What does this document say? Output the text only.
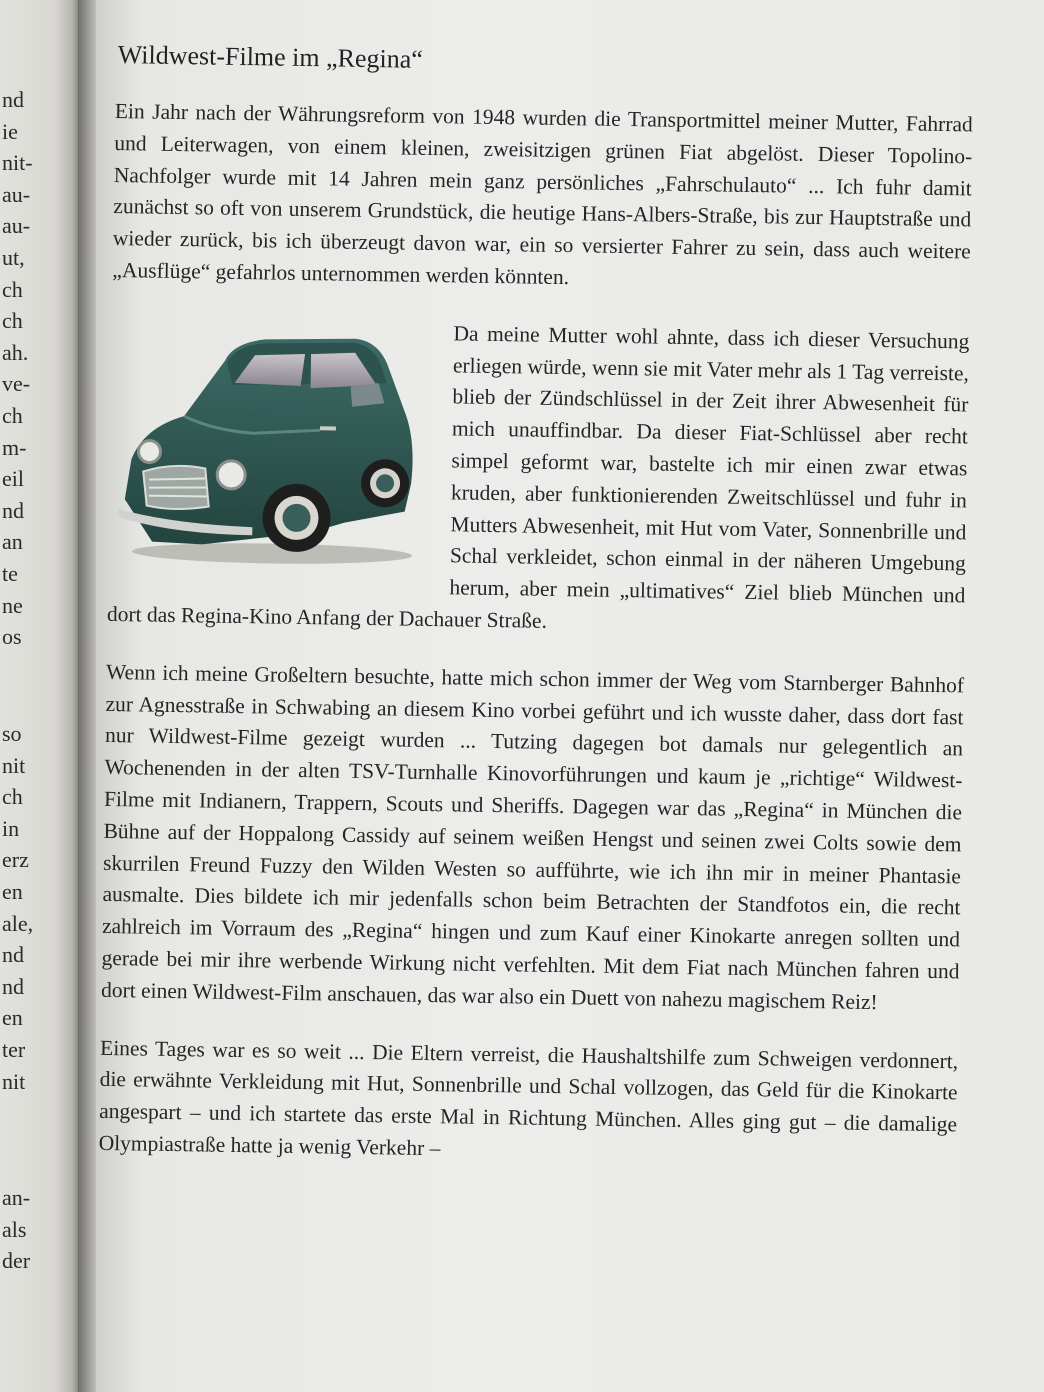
nd
ie
nit-
au-
au-
ut,
ch
ch
ah.
ve-
ch
m-
eil
nd
an
te
ne
os
so
nit
ch
in
erz
en
ale,
nd
nd
en
ter
nit
an-
als
der
Wildwest-Filme im „Regina“

Ein Jahr nach der Währungsreform von 1948 wurden die Transportmittel meiner Mutter, Fahrrad und Leiterwagen, von einem kleinen, zweisitzigen grünen Fiat abgelöst. Dieser Topolino-Nachfolger wurde mit 14 Jahren mein ganz persönliches „Fahrschulauto“ ... Ich fuhr damit zunächst so oft von unserem Grundstück, die heutige Hans-Albers-Straße, bis zur Hauptstraße und wieder zurück, bis ich überzeugt davon war, ein so versierter Fahrer zu sein, dass auch weitere „Ausflüge“ gefahrlos unternommen werden könnten.

Da meine Mutter wohl ahnte, dass ich dieser Versuchung erliegen würde, wenn sie mit Vater mehr als 1 Tag verreiste, blieb der Zündschlüssel in der Zeit ihrer Abwesenheit für mich unauffindbar. Da dieser Fiat-Schlüssel aber recht simpel geformt war, bastelte ich mir einen zwar etwas kruden, aber funktionierenden Zweitschlüssel und fuhr in Mutters Abwesenheit, mit Hut vom Vater, Sonnenbrille und Schal verkleidet, schon einmal in der näheren Umgebung herum, aber mein „ultimatives“ Ziel blieb München und dort das Regina-Kino Anfang der Dachauer Straße.

Wenn ich meine Großeltern besuchte, hatte mich schon immer der Weg vom Starnberger Bahnhof zur Agnesstraße in Schwabing an diesem Kino vorbei geführt und ich wusste daher, dass dort fast nur Wildwest-Filme gezeigt wurden ... Tutzing dagegen bot damals nur gelegentlich an Wochenenden in der alten TSV-Turnhalle Kinovorführungen und kaum je „richtige“ Wildwest-Filme mit Indianern, Trappern, Scouts und Sheriffs. Dagegen war das „Regina“ in München die Bühne auf der Hoppalong Cassidy auf seinem weißen Hengst und seinen zwei Colts sowie dem skurrilen Freund Fuzzy den Wilden Westen so aufführte, wie ich ihn mir in meiner Phantasie ausmalte. Dies bildete ich mir jedenfalls schon beim Betrachten der Standfotos ein, die recht zahlreich im Vorraum des „Regina“ hingen und zum Kauf einer Kinokarte anregen sollten und gerade bei mir ihre werbende Wirkung nicht verfehlten. Mit dem Fiat nach München fahren und dort einen Wildwest-Film anschauen, das war also ein Duett von nahezu magischem Reiz!

Eines Tages war es so weit ... Die Eltern verreist, die Haushaltshilfe zum Schweigen verdonnert, die erwähnte Verkleidung mit Hut, Sonnenbrille und Schal vollzogen, das Geld für die Kinokarte angespart – und ich startete das erste Mal in Richtung München. Alles ging gut – die damalige Olympiastraße hatte ja wenig Verkehr –
